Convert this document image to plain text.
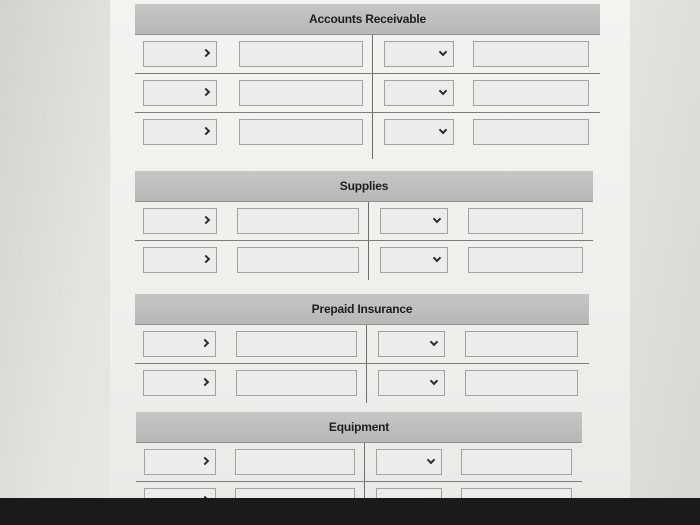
Accounts Receivable
Supplies
Prepaid Insurance
Equipment
